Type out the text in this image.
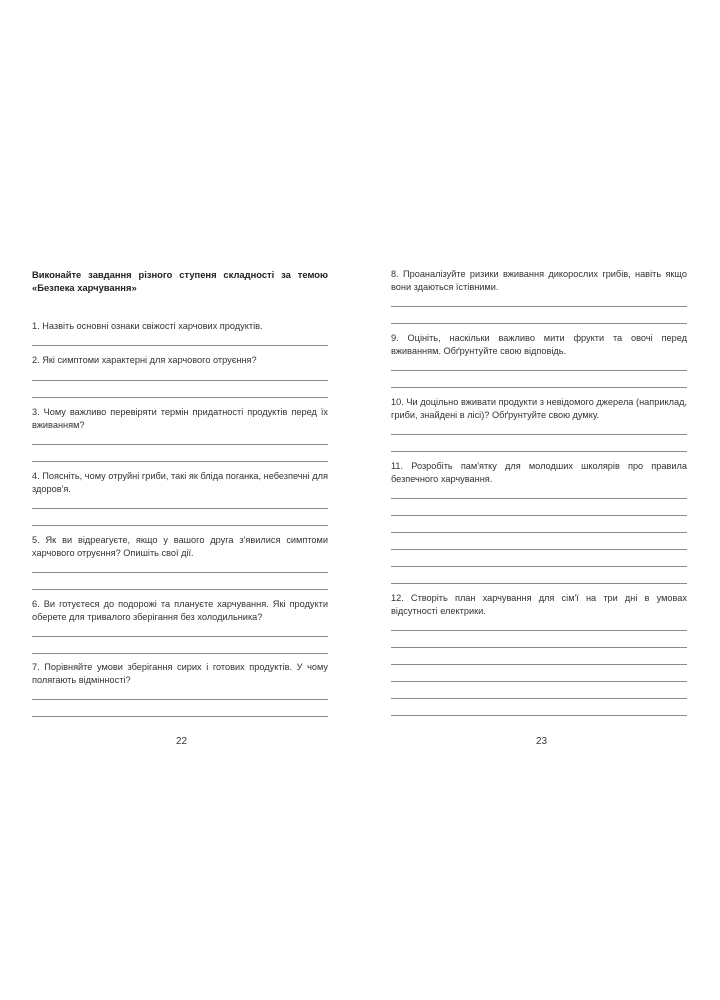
Виконайте завдання різного ступеня складності за темою «Безпека харчування»
1. Назвіть основні ознаки свіжості харчових продуктів.
2. Які симптоми характерні для харчового отруєння?
3. Чому важливо перевіряти термін придатності продуктів перед їх вживанням?
4. Поясніть, чому отруйні гриби, такі як бліда поганка, небезпечні для здоров'я.
5. Як ви відреагуєте, якщо у вашого друга з'явилися симптоми харчового отруєння? Опишіть свої дії.
6. Ви готуєтеся до подорожі та плануєте харчування. Які продукти оберете для тривалого зберігання без холодильника?
7. Порівняйте умови зберігання сирих і готових продуктів. У чому полягають відмінності?
22
8. Проаналізуйте ризики вживання дикорослих грибів, навіть якщо вони здаються їстівними.
9. Оцініть, наскільки важливо мити фрукти та овочі перед вживанням. Обґрунтуйте свою відповідь.
10. Чи доцільно вживати продукти з невідомого джерела (наприклад, гриби, знайдені в лісі)? Обґрунтуйте свою думку.
11. Розробіть пам'ятку для молодших школярів про правила безпечного харчування.
12. Створіть план харчування для сім'ї на три дні в умовах відсутності електрики.
23
